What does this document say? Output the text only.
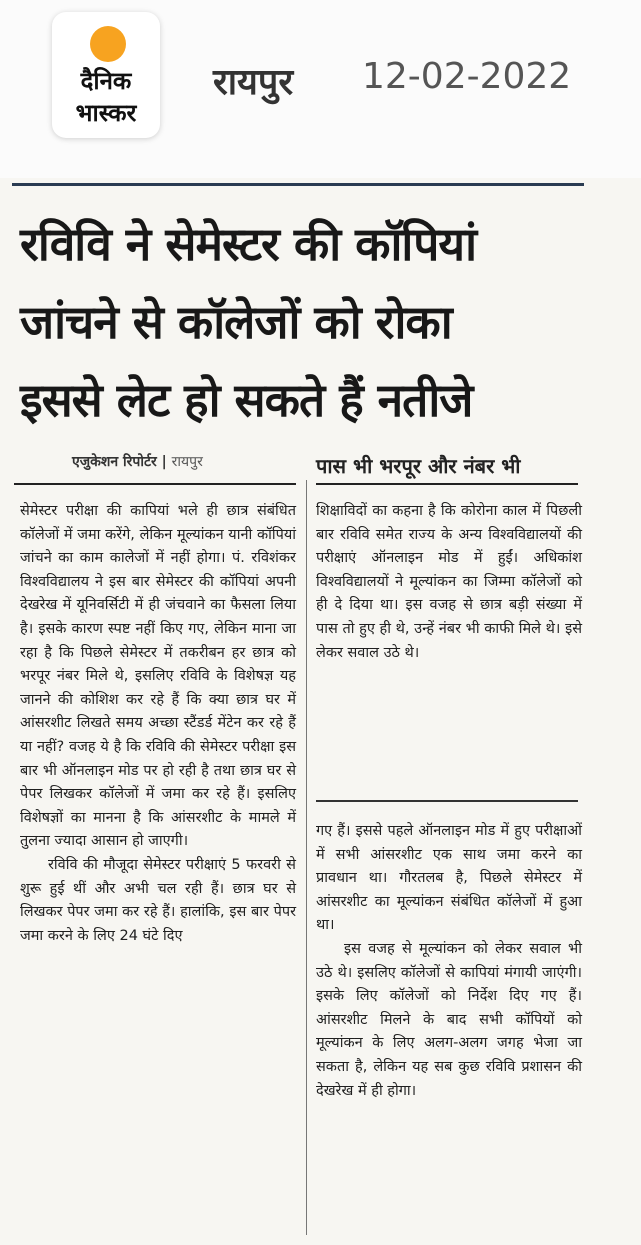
दैनिक
भास्कर
रायपुर 12-02-2022
रविवि ने सेमेस्टर की कॉपियां
जांचने से कॉलेजों को रोका
इससे लेट हो सकते हैं नतीजे
एजुकेशन रिपोर्टर | रायपुर	पास भी भरपूर और नंबर भी

सेमेस्टर परीक्षा की कापियां भले ही छात्र संबंधित कॉलेजों में जमा करेंगे, लेकिन मूल्यांकन यानी कॉपियां जांचने का काम कालेजों में नहीं होगा। पं. रविशंकर विश्वविद्यालय ने इस बार सेमेस्टर की कॉपियां अपनी देखरेख में यूनिवर्सिटी में ही जंचवाने का फैसला लिया है। इसके कारण स्पष्ट नहीं किए गए, लेकिन माना जा रहा है कि पिछले सेमेस्टर में तकरीबन हर छात्र को भरपूर नंबर मिले थे, इसलिए रविवि के विशेषज्ञ यह जानने की कोशिश कर रहे हैं कि क्या छात्र घर में आंसरशीट लिखते समय अच्छा स्टैंडर्ड मेंटेन कर रहे हैं या नहीं? वजह ये है कि रविवि की सेमेस्टर परीक्षा इस बार भी ऑनलाइन मोड पर हो रही है तथा छात्र घर से पेपर लिखकर कॉलेजों में जमा कर रहे हैं। इसलिए विशेषज्ञों का मानना है कि आंसरशीट के मामले में तुलना ज्यादा आसान हो जाएगी।

रविवि की मौजूदा सेमेस्टर परीक्षाएं 5 फरवरी से शुरू हुई थीं और अभी चल रही हैं। छात्र घर से लिखकर पेपर जमा कर रहे हैं। हालांकि, इस बार पेपर जमा करने के लिए 24 घंटे दिए

शिक्षाविदों का कहना है कि कोरोना काल में पिछली बार रविवि समेत राज्य के अन्य विश्वविद्यालयों की परीक्षाएं ऑनलाइन मोड में हुईं। अधिकांश विश्वविद्यालयों ने मूल्यांकन का जिम्मा कॉलेजों को ही दे दिया था। इस वजह से छात्र बड़ी संख्या में पास तो हुए ही थे, उन्हें नंबर भी काफी मिले थे। इसे लेकर सवाल उठे थे।

गए हैं। इससे पहले ऑनलाइन मोड में हुए परीक्षाओं में सभी आंसरशीट एक साथ जमा करने का प्रावधान था। गौरतलब है, पिछले सेमेस्टर में आंसरशीट का मूल्यांकन संबंधित कॉलेजों में हुआ था।

इस वजह से मूल्यांकन को लेकर सवाल भी उठे थे। इसलिए कॉलेजों से कापियां मंगायी जाएंगी। इसके लिए कॉलेजों को निर्देश दिए गए हैं। आंसरशीट मिलने के बाद सभी कॉपियों को मूल्यांकन के लिए अलग-अलग जगह भेजा जा सकता है, लेकिन यह सब कुछ रविवि प्रशासन की देखरेख में ही होगा।
